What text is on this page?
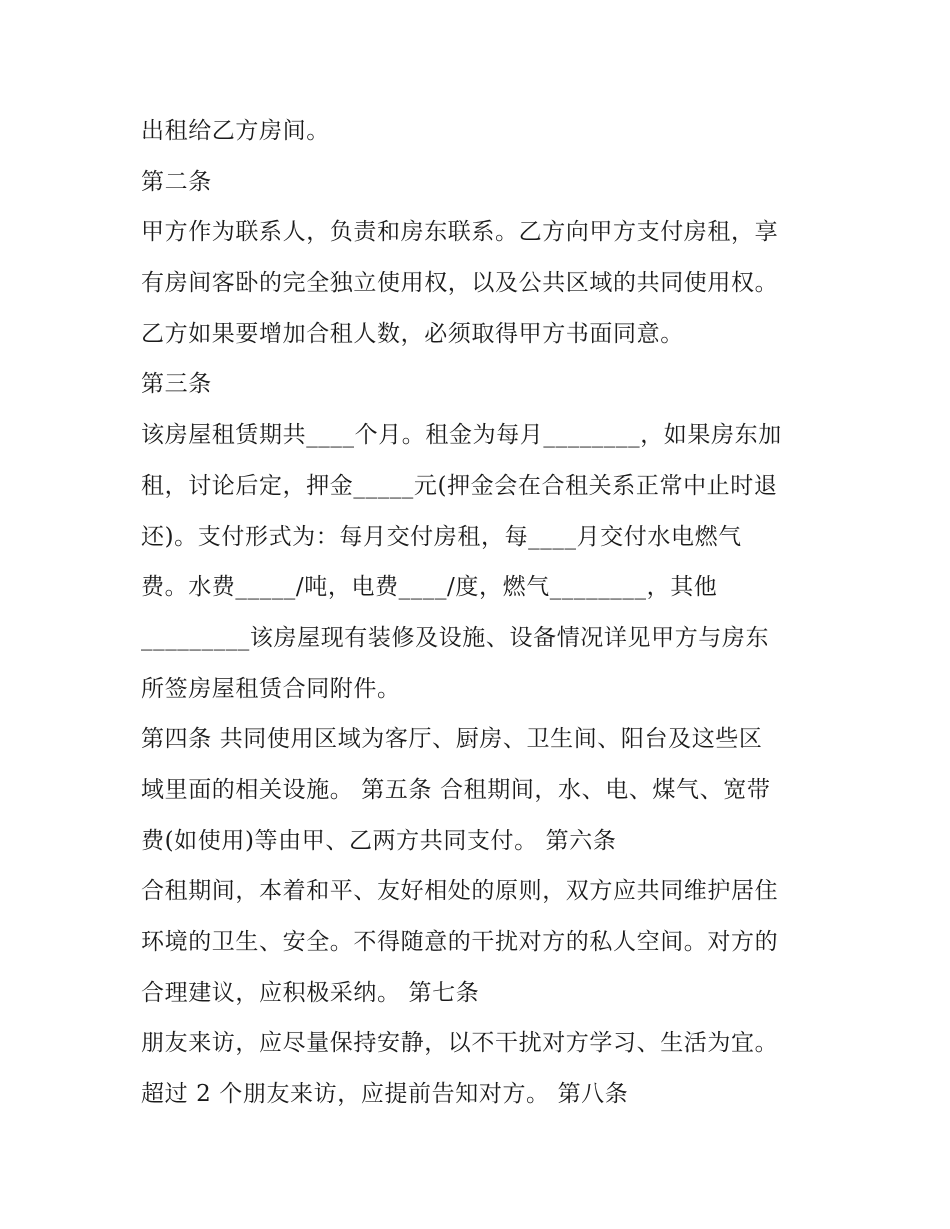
出租给乙方房间。
第二条
甲方作为联系人，负责和房东联系。乙方向甲方支付房租，享
有房间客卧的完全独立使用权，以及公共区域的共同使用权。
乙方如果要增加合租人数，必须取得甲方书面同意。
第三条
该房屋租赁期共____个月。租金为每月________，如果房东加
租，讨论后定，押金_____元(押金会在合租关系正常中止时退
还)。支付形式为：每月交付房租，每____月交付水电燃气
费。水费_____/吨，电费____/度，燃气________，其他
_________该房屋现有装修及设施、设备情况详见甲方与房东
所签房屋租赁合同附件。
第四条 共同使用区域为客厅、厨房、卫生间、阳台及这些区
域里面的相关设施。 第五条 合租期间，水、电、煤气、宽带
费(如使用)等由甲、乙两方共同支付。 第六条
合租期间，本着和平、友好相处的原则，双方应共同维护居住
环境的卫生、安全。不得随意的干扰对方的私人空间。对方的
合理建议，应积极采纳。 第七条
朋友来访，应尽量保持安静，以不干扰对方学习、生活为宜。
超过 2 个朋友来访，应提前告知对方。 第八条
